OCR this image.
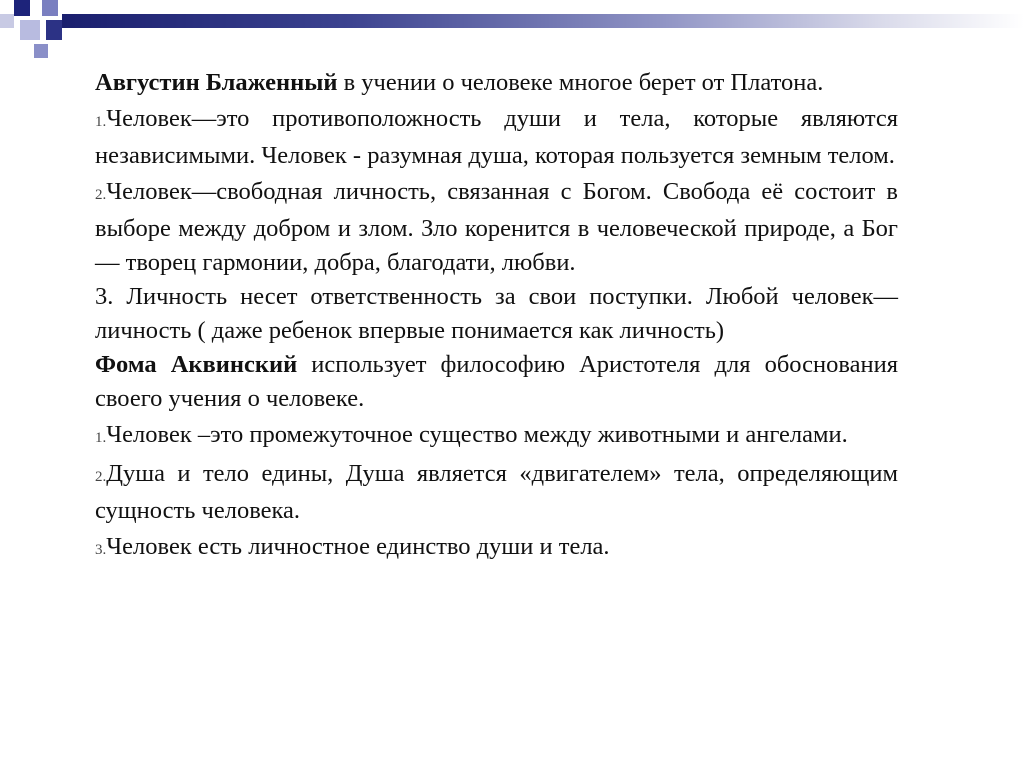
Августин Блаженный в учении о человеке многое берет от Платона.

1.Человек—это противоположность души и тела, которые являются независимыми. Человек - разумная душа, которая пользуется земным телом.

2.Человек—свободная личность, связанная с Богом. Свобода её состоит в выборе между добром и злом. Зло коренится в человеческой природе, а Бог— творец гармонии, добра, благодати, любви.

3. Личность несет ответственность за свои поступки. Любой человек— личность ( даже ребенок впервые понимается как личность)

Фома Аквинский использует философию Аристотеля для обоснования своего учения о человеке.

1.Человек –это промежуточное существо между животными и ангелами.

2.Душа и тело едины, Душа является «двигателем» тела, определяющим сущность человека.

3.Человек есть личностное единство души и тела.
